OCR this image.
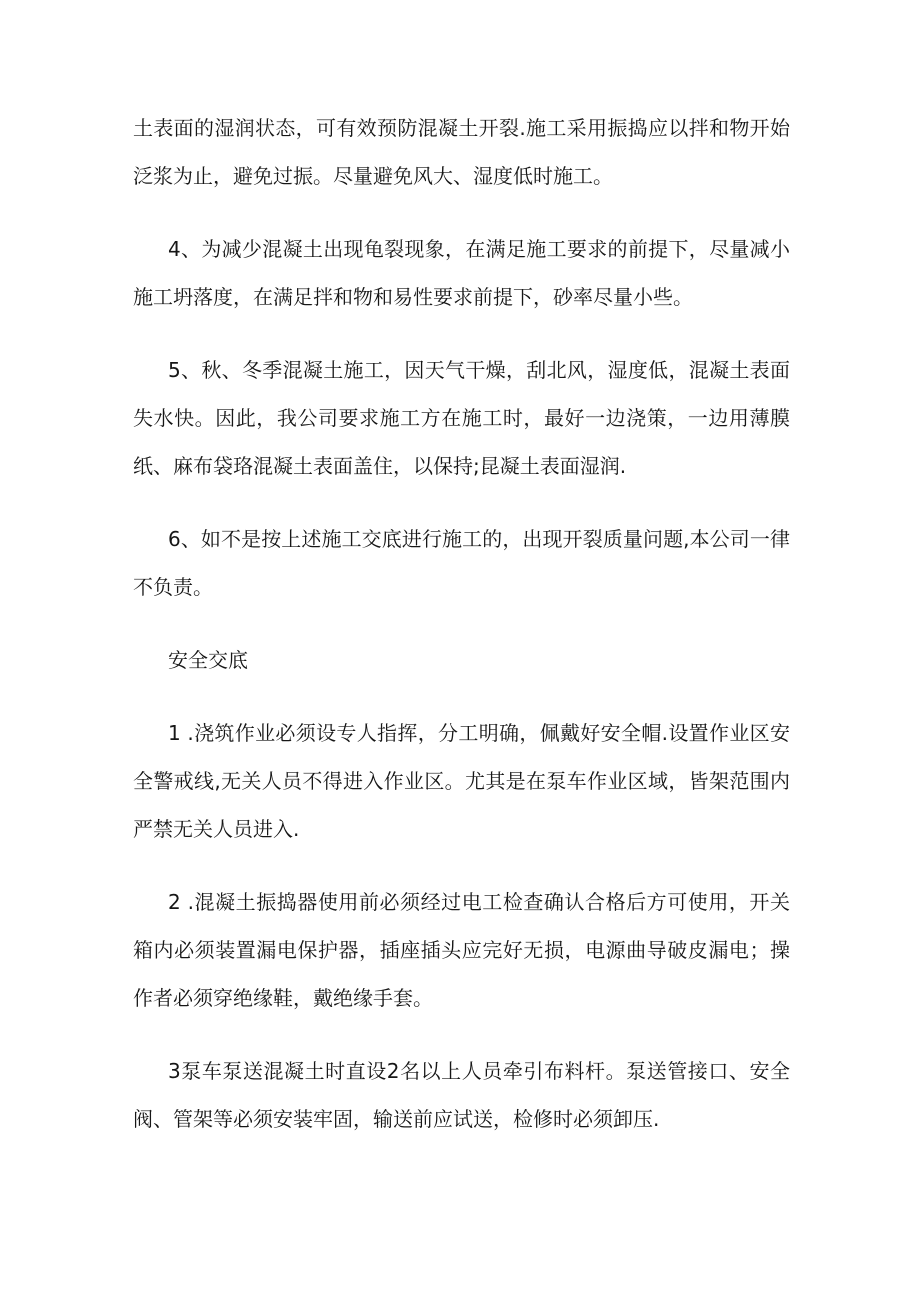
土表面的湿润状态，可有效预防混凝土开裂.施工采用振捣应以拌和物开始泛浆为止，避免过振。尽量避免风大、湿度低时施工。

4、为减少混凝土出现龟裂现象，在满足施工要求的前提下，尽量减小施工坍落度，在满足拌和物和易性要求前提下，砂率尽量小些。

5、秋、冬季混凝土施工，因天气干燥，刮北风，湿度低，混凝土表面失水快。因此，我公司要求施工方在施工时，最好一边浇策，一边用薄膜纸、麻布袋珞混凝土表面盖住，以保持;昆凝土表面湿润.

6、如不是按上述施工交底进行施工的，出现开裂质量问题,本公司一律不负责。

安全交底

1 .浇筑作业必须设专人指挥，分工明确，佩戴好安全帽.设置作业区安全警戒线,无关人员不得进入作业区。尤其是在泵车作业区域，皆架范围内严禁无关人员进入.

2 .混凝土振捣器使用前必须经过电工检查确认合格后方可使用，开关箱内必须装置漏电保护器，插座插头应完好无损，电源曲导破皮漏电；操作者必须穿绝缘鞋，戴绝缘手套。

3泵车泵送混凝土时直设2名以上人员牵引布料杆。泵送管接口、安全阀、管架等必须安装牢固，输送前应试送，检修时必须卸压.
